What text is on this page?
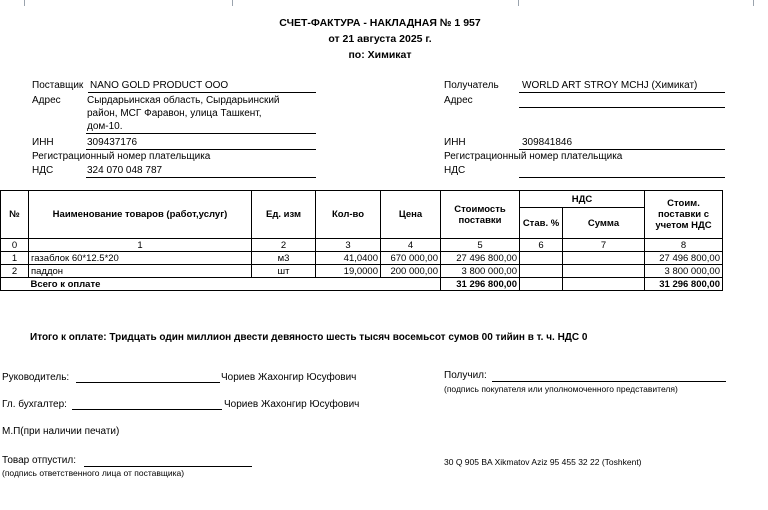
СЧЕТ-ФАКТУРА - НАКЛАДНАЯ № 1 957
от 21 августа 2025 г.
по: Химикат
Поставщик NANO GOLD PRODUCT OOO
Адрес	Сырдарьинская область, Сырдарьинский
район, МСГ Фаравон, улица Ташкент,
дом-10.
ИНН	309437176
Регистрационный номер плательщика
НДС	324 070 048 787
Получатель WORLD ART STROY MCHJ (Химикат)
Адрес
ИНН	309841846
Регистрационный номер плательщика
НДС
№	Наименование товаров (работ,услуг)	Ед. изм	Кол-во	Цена	Стоимость поставки	НДС		Стоим. поставки с учетом НДС
						Став. %	Сумма	
0	1	2	3	4	5	6	7	8
1	газаблок 60*12.5*20	м3	41,0400	670 000,00	27 496 800,00			27 496 800,00
2	паддон	шт	19,0000	200 000,00	3 800 000,00			3 800 000,00
	Всего к оплате				31 296 800,00			31 296 800,00
Итого к оплате: Тридцать один миллион двести девяносто шесть тысяч восемьсот сумов 00 тийин в т. ч. НДС 0
Руководитель:	Чориев Жахонгир Юсуфович
Гл. бухгалтер:	Чориев Жахонгир Юсуфович
М.П(при наличии печати)
Товар отпустил:
(подпись ответственного лица от поставщика)
Получил:
(подпись покупателя или уполномоченного представителя)
30 Q 905 BA Xikmatov Aziz 95 455 32 22 (Toshkent)
